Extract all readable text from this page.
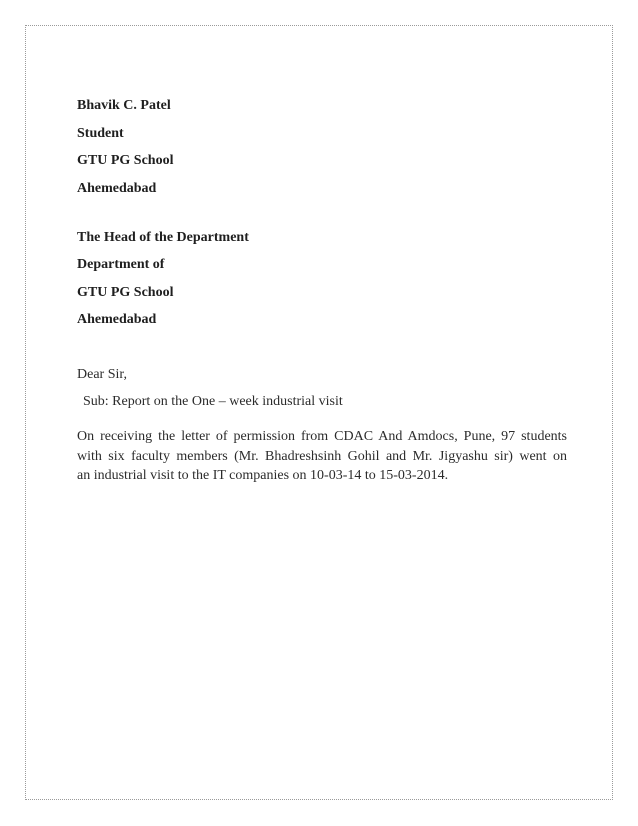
Bhavik C. Patel

Student

GTU PG School

Ahemedabad

The Head of the Department

Department of

GTU PG School

Ahemedabad

Dear Sir,

Sub: Report on the One – week industrial visit

On receiving the letter of permission from CDAC And Amdocs, Pune, 97 students
with six faculty members (Mr. Bhadreshsinh Gohil and Mr. Jigyashu sir) went on
an industrial visit to the IT companies on 10-03-14 to 15-03-2014.
